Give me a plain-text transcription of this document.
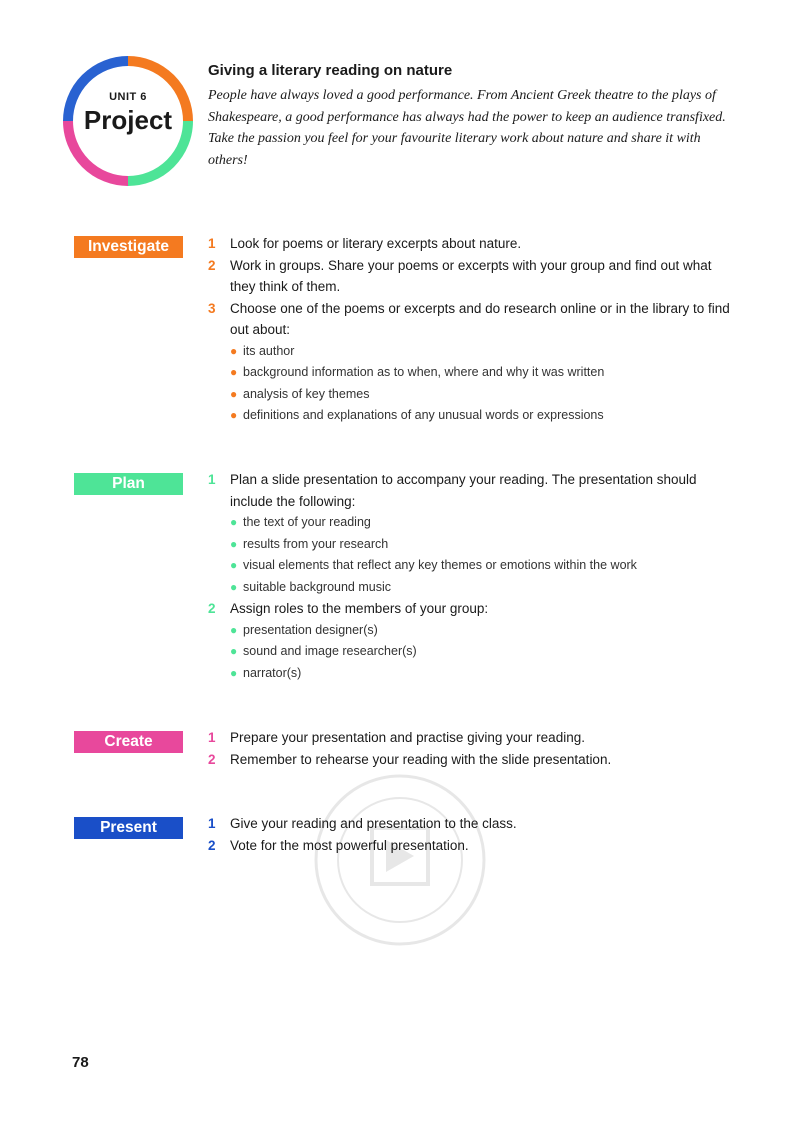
UNIT 6
Project
Giving a literary reading on nature

People have always loved a good performance. From Ancient Greek theatre to the plays of Shakespeare, a good performance has always had the power to keep an audience transfixed. Take the passion you feel for your favourite literary work about nature and share it with others!

Investigate	1 Look for poems or literary excerpts about nature.
2 Work in groups. Share your poems or excerpts with your group and find out what they think of them.
3 Choose one of the poems or excerpts and do research online or in the library to find out about:
● its author
● background information as to when, where and why it was written
● analysis of key themes
● definitions and explanations of any unusual words or expressions
Plan	1 Plan a slide presentation to accompany your reading. The presentation should include the following:
● the text of your reading
● results from your research
● visual elements that reflect any key themes or emotions within the work
● suitable background music
2 Assign roles to the members of your group:
● presentation designer(s)
● sound and image researcher(s)
● narrator(s)
Create	1 Prepare your presentation and practise giving your reading.
2 Remember to rehearse your reading with the slide presentation.
Present	1 Give your reading and presentation to the class.
2 Vote for the most powerful presentation.
78
